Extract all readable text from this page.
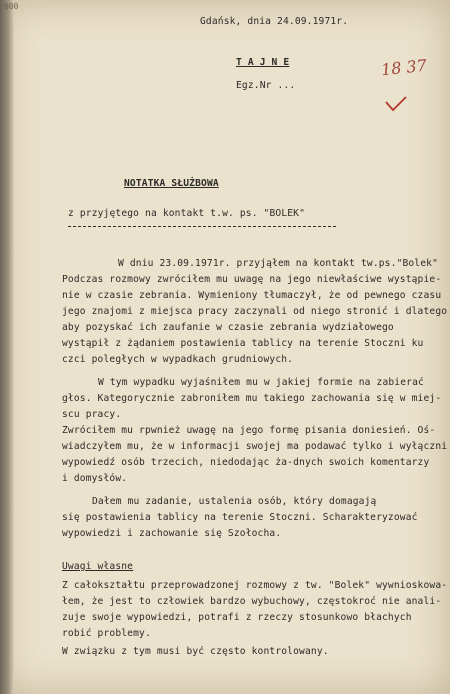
000
Gdańsk, dnia 24.09.1971r.
T A J N E
Egz.Nr ...
18 37
NOTATKA SŁUŻBOWA
z przyjętego na kontakt t.w. ps. "BOLEK"
W dniu 23.09.1971r. przyjąłem na kontakt tw.ps."Bolek"
Podczas rozmowy zwróciłem mu uwagę na jego niewłaściwe wystąpie-
nie w czasie zebrania. Wymieniony tłumaczył, że od pewnego czasu
jego znajomi z miejsca pracy zaczynali od niego stronić i dlatego
aby pozyskać ich zaufanie w czasie zebrania wydziałowego
wystąpił z żądaniem postawienia tablicy na terenie Stoczni ku
czci poległych w wypadkach grudniowych.
W tym wypadku wyjaśniłem mu w jakiej formie na zabierać
głos. Kategorycznie zabroniłem mu takiego zachowania się w miej-
scu pracy.
Zwróciłem mu rpwnież uwagę na jego formę pisania doniesień. Oś-
wiadczyłem mu, że w informacji swojej ma podawać tylko i wyłączni
wypowiedź osób trzecich, niedodając ża-dnych swoich komentarzy
i domysłów.
Dałem mu zadanie, ustalenia osób, który domagają
się postawienia tablicy na terenie Stoczni. Scharakteryzować
wypowiedzi i zachowanie się Szołocha.
Uwagi własne
Z całokształtu przeprowadzonej rozmowy z tw. "Bolek" wywnioskowa-
łem, że jest to człowiek bardzo wybuchowy, częstokroć nie anali-
zuje swoje wypowiedzi, potrafi z rzeczy stosunkowo błachych
robić problemy.
W związku z tym musi być często kontrolowany.
